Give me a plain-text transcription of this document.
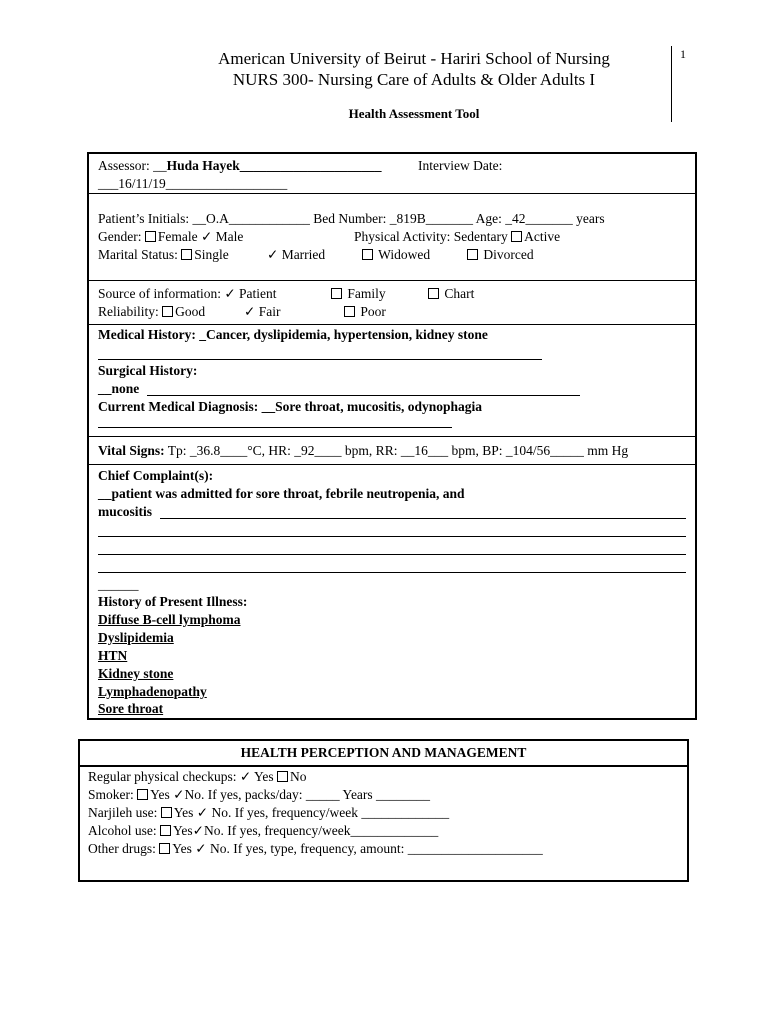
American University of Beirut - Hariri School of Nursing
NURS 300- Nursing Care of Adults & Older Adults I
Health Assessment Tool
1
Assessor: __Huda Hayek_____________________	Interview Date:
___16/11/19__________________
Patient’s Initials: __O.A____________ Bed Number: _819B_______ Age: _42_______ years
Gender: Female ✓ Male	Physical Activity: Sedentary Active
Marital Status: Single	✓ Married	Widowed	Divorced
Source of information: ✓ Patient	Family	Chart
Reliability: Good	✓ Fair	Poor
Medical History: _Cancer, dyslipidemia, hypertension, kidney stone
Surgical History:
__none
Current Medical Diagnosis: __Sore throat, mucositis, odynophagia
Vital Signs: Tp: _36.8____°C, HR: _92____ bpm, RR: __16___ bpm, BP: _104/56_____ mm Hg
Chief Complaint(s):
__patient was admitted for sore throat, febrile neutropenia, and
mucositis
______
History of Present Illness:
Diffuse B-cell lymphoma
Dyslipidemia
HTN
Kidney stone
Lymphadenopathy
Sore throat
HEALTH PERCEPTION AND MANAGEMENT
Regular physical checkups: ✓ Yes No
Smoker: Yes ✓No. If yes, packs/day: _____ Years ________
Narjileh use: Yes ✓ No. If yes, frequency/week _____________
Alcohol use: Yes✓No. If yes, frequency/week_____________
Other drugs: Yes ✓ No. If yes, type, frequency, amount: ____________________
